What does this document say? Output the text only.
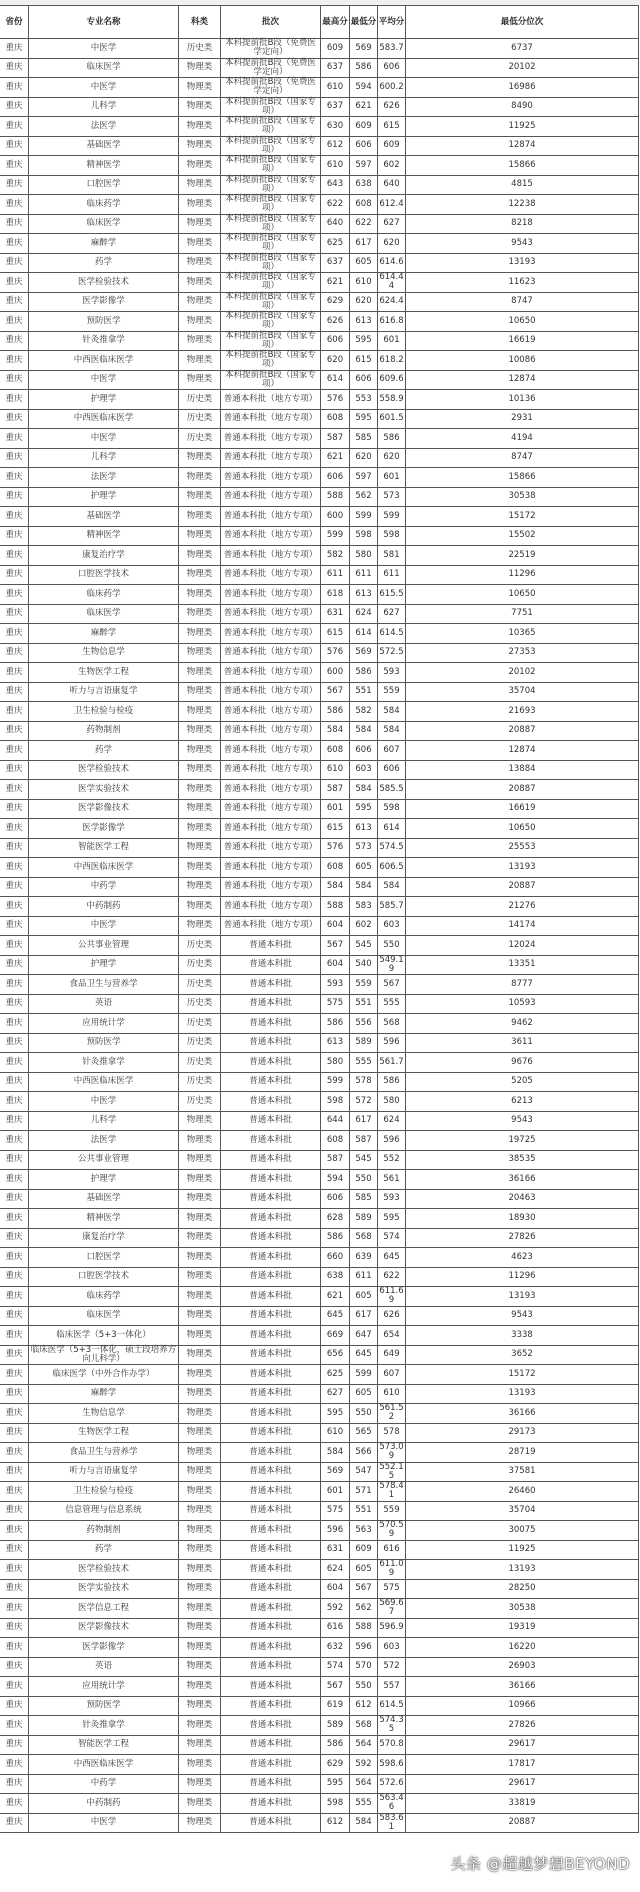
省份	专业名称	科类	批次	最高分	最低分	平均分	最低分位次
重庆	中医学	历史类	本科提前批B段（免费医学定向）	609	569	583.7	6737
重庆	临床医学	物理类	本科提前批B段（免费医学定向）	637	586	606	20102
重庆	中医学	物理类	本科提前批B段（免费医学定向）	610	594	600.2	16986
重庆	儿科学	物理类	本科提前批B段（国家专项）	637	621	626	8490
重庆	法医学	物理类	本科提前批B段（国家专项）	630	609	615	11925
重庆	基础医学	物理类	本科提前批B段（国家专项）	612	606	609	12874
重庆	精神医学	物理类	本科提前批B段（国家专项）	610	597	602	15866
重庆	口腔医学	物理类	本科提前批B段（国家专项）	643	638	640	4815
重庆	临床药学	物理类	本科提前批B段（国家专项）	622	608	612.4	12238
重庆	临床医学	物理类	本科提前批B段（国家专项）	640	622	627	8218
重庆	麻醉学	物理类	本科提前批B段（国家专项）	625	617	620	9543
重庆	药学	物理类	本科提前批B段（国家专项）	637	605	614.6	13193
重庆	医学检验技术	物理类	本科提前批B段（国家专项）	621	610	614.44	11623
重庆	医学影像学	物理类	本科提前批B段（国家专项）	629	620	624.4	8747
重庆	预防医学	物理类	本科提前批B段（国家专项）	626	613	616.8	10650
重庆	针灸推拿学	物理类	本科提前批B段（国家专项）	606	595	601	16619
重庆	中西医临床医学	物理类	本科提前批B段（国家专项）	620	615	618.2	10086
重庆	中医学	物理类	本科提前批B段（国家专项）	614	606	609.6	12874
重庆	护理学	历史类	普通本科批（地方专项）	576	553	558.9	10136
重庆	中西医临床医学	历史类	普通本科批（地方专项）	608	595	601.5	2931
重庆	中医学	历史类	普通本科批（地方专项）	587	585	586	4194
重庆	儿科学	物理类	普通本科批（地方专项）	621	620	620	8747
重庆	法医学	物理类	普通本科批（地方专项）	606	597	601	15866
重庆	护理学	物理类	普通本科批（地方专项）	588	562	573	30538
重庆	基础医学	物理类	普通本科批（地方专项）	600	599	599	15172
重庆	精神医学	物理类	普通本科批（地方专项）	599	598	598	15502
重庆	康复治疗学	物理类	普通本科批（地方专项）	582	580	581	22519
重庆	口腔医学技术	物理类	普通本科批（地方专项）	611	611	611	11296
重庆	临床药学	物理类	普通本科批（地方专项）	618	613	615.5	10650
重庆	临床医学	物理类	普通本科批（地方专项）	631	624	627	7751
重庆	麻醉学	物理类	普通本科批（地方专项）	615	614	614.5	10365
重庆	生物信息学	物理类	普通本科批（地方专项）	576	569	572.5	27353
重庆	生物医学工程	物理类	普通本科批（地方专项）	600	586	593	20102
重庆	听力与言语康复学	物理类	普通本科批（地方专项）	567	551	559	35704
重庆	卫生检验与检疫	物理类	普通本科批（地方专项）	586	582	584	21693
重庆	药物制剂	物理类	普通本科批（地方专项）	584	584	584	20887
重庆	药学	物理类	普通本科批（地方专项）	608	606	607	12874
重庆	医学检验技术	物理类	普通本科批（地方专项）	610	603	606	13884
重庆	医学实验技术	物理类	普通本科批（地方专项）	587	584	585.5	20887
重庆	医学影像技术	物理类	普通本科批（地方专项）	601	595	598	16619
重庆	医学影像学	物理类	普通本科批（地方专项）	615	613	614	10650
重庆	智能医学工程	物理类	普通本科批（地方专项）	576	573	574.5	25553
重庆	中西医临床医学	物理类	普通本科批（地方专项）	608	605	606.5	13193
重庆	中药学	物理类	普通本科批（地方专项）	584	584	584	20887
重庆	中药制药	物理类	普通本科批（地方专项）	588	583	585.7	21276
重庆	中医学	物理类	普通本科批（地方专项）	604	602	603	14174
重庆	公共事业管理	历史类	普通本科批	567	545	550	12024
重庆	护理学	历史类	普通本科批	604	540	549.19	13351
重庆	食品卫生与营养学	历史类	普通本科批	593	559	567	8777
重庆	英语	历史类	普通本科批	575	551	555	10593
重庆	应用统计学	历史类	普通本科批	586	556	568	9462
重庆	预防医学	历史类	普通本科批	613	589	596	3611
重庆	针灸推拿学	历史类	普通本科批	580	555	561.7	9676
重庆	中西医临床医学	历史类	普通本科批	599	578	586	5205
重庆	中医学	历史类	普通本科批	598	572	580	6213
重庆	儿科学	物理类	普通本科批	644	617	624	9543
重庆	法医学	物理类	普通本科批	608	587	596	19725
重庆	公共事业管理	物理类	普通本科批	587	545	552	38535
重庆	护理学	物理类	普通本科批	594	550	561	36166
重庆	基础医学	物理类	普通本科批	606	585	593	20463
重庆	精神医学	物理类	普通本科批	628	589	595	18930
重庆	康复治疗学	物理类	普通本科批	586	568	574	27826
重庆	口腔医学	物理类	普通本科批	660	639	645	4623
重庆	口腔医学技术	物理类	普通本科批	638	611	622	11296
重庆	临床药学	物理类	普通本科批	621	605	611.69	13193
重庆	临床医学	物理类	普通本科批	645	617	626	9543
重庆	临床医学（5+3一体化）	物理类	普通本科批	669	647	654	3338
重庆	临床医学（5+3一体化，硕士段培养方向儿科学）	物理类	普通本科批	656	645	649	3652
重庆	临床医学（中外合作办学）	物理类	普通本科批	625	599	607	15172
重庆	麻醉学	物理类	普通本科批	627	605	610	13193
重庆	生物信息学	物理类	普通本科批	595	550	561.52	36166
重庆	生物医学工程	物理类	普通本科批	610	565	578	29173
重庆	食品卫生与营养学	物理类	普通本科批	584	566	573.09	28719
重庆	听力与言语康复学	物理类	普通本科批	569	547	552.15	37581
重庆	卫生检验与检疫	物理类	普通本科批	601	571	578.41	26460
重庆	信息管理与信息系统	物理类	普通本科批	575	551	559	35704
重庆	药物制剂	物理类	普通本科批	596	563	570.59	30075
重庆	药学	物理类	普通本科批	631	609	616	11925
重庆	医学检验技术	物理类	普通本科批	624	605	611.09	13193
重庆	医学实验技术	物理类	普通本科批	604	567	575	28250
重庆	医学信息工程	物理类	普通本科批	592	562	569.67	30538
重庆	医学影像技术	物理类	普通本科批	616	588	596.9	19319
重庆	医学影像学	物理类	普通本科批	632	596	603	16220
重庆	英语	物理类	普通本科批	574	570	572	26903
重庆	应用统计学	物理类	普通本科批	567	550	557	36166
重庆	预防医学	物理类	普通本科批	619	612	614.5	10966
重庆	针灸推拿学	物理类	普通本科批	589	568	574.35	27826
重庆	智能医学工程	物理类	普通本科批	586	564	570.8	29617
重庆	中西医临床医学	物理类	普通本科批	629	592	598.6	17817
重庆	中药学	物理类	普通本科批	595	564	572.6	29617
重庆	中药制药	物理类	普通本科批	598	555	563.46	33819
重庆	中医学	物理类	普通本科批	612	584	583.61	20887
头条 @超越梦想BEYOND
